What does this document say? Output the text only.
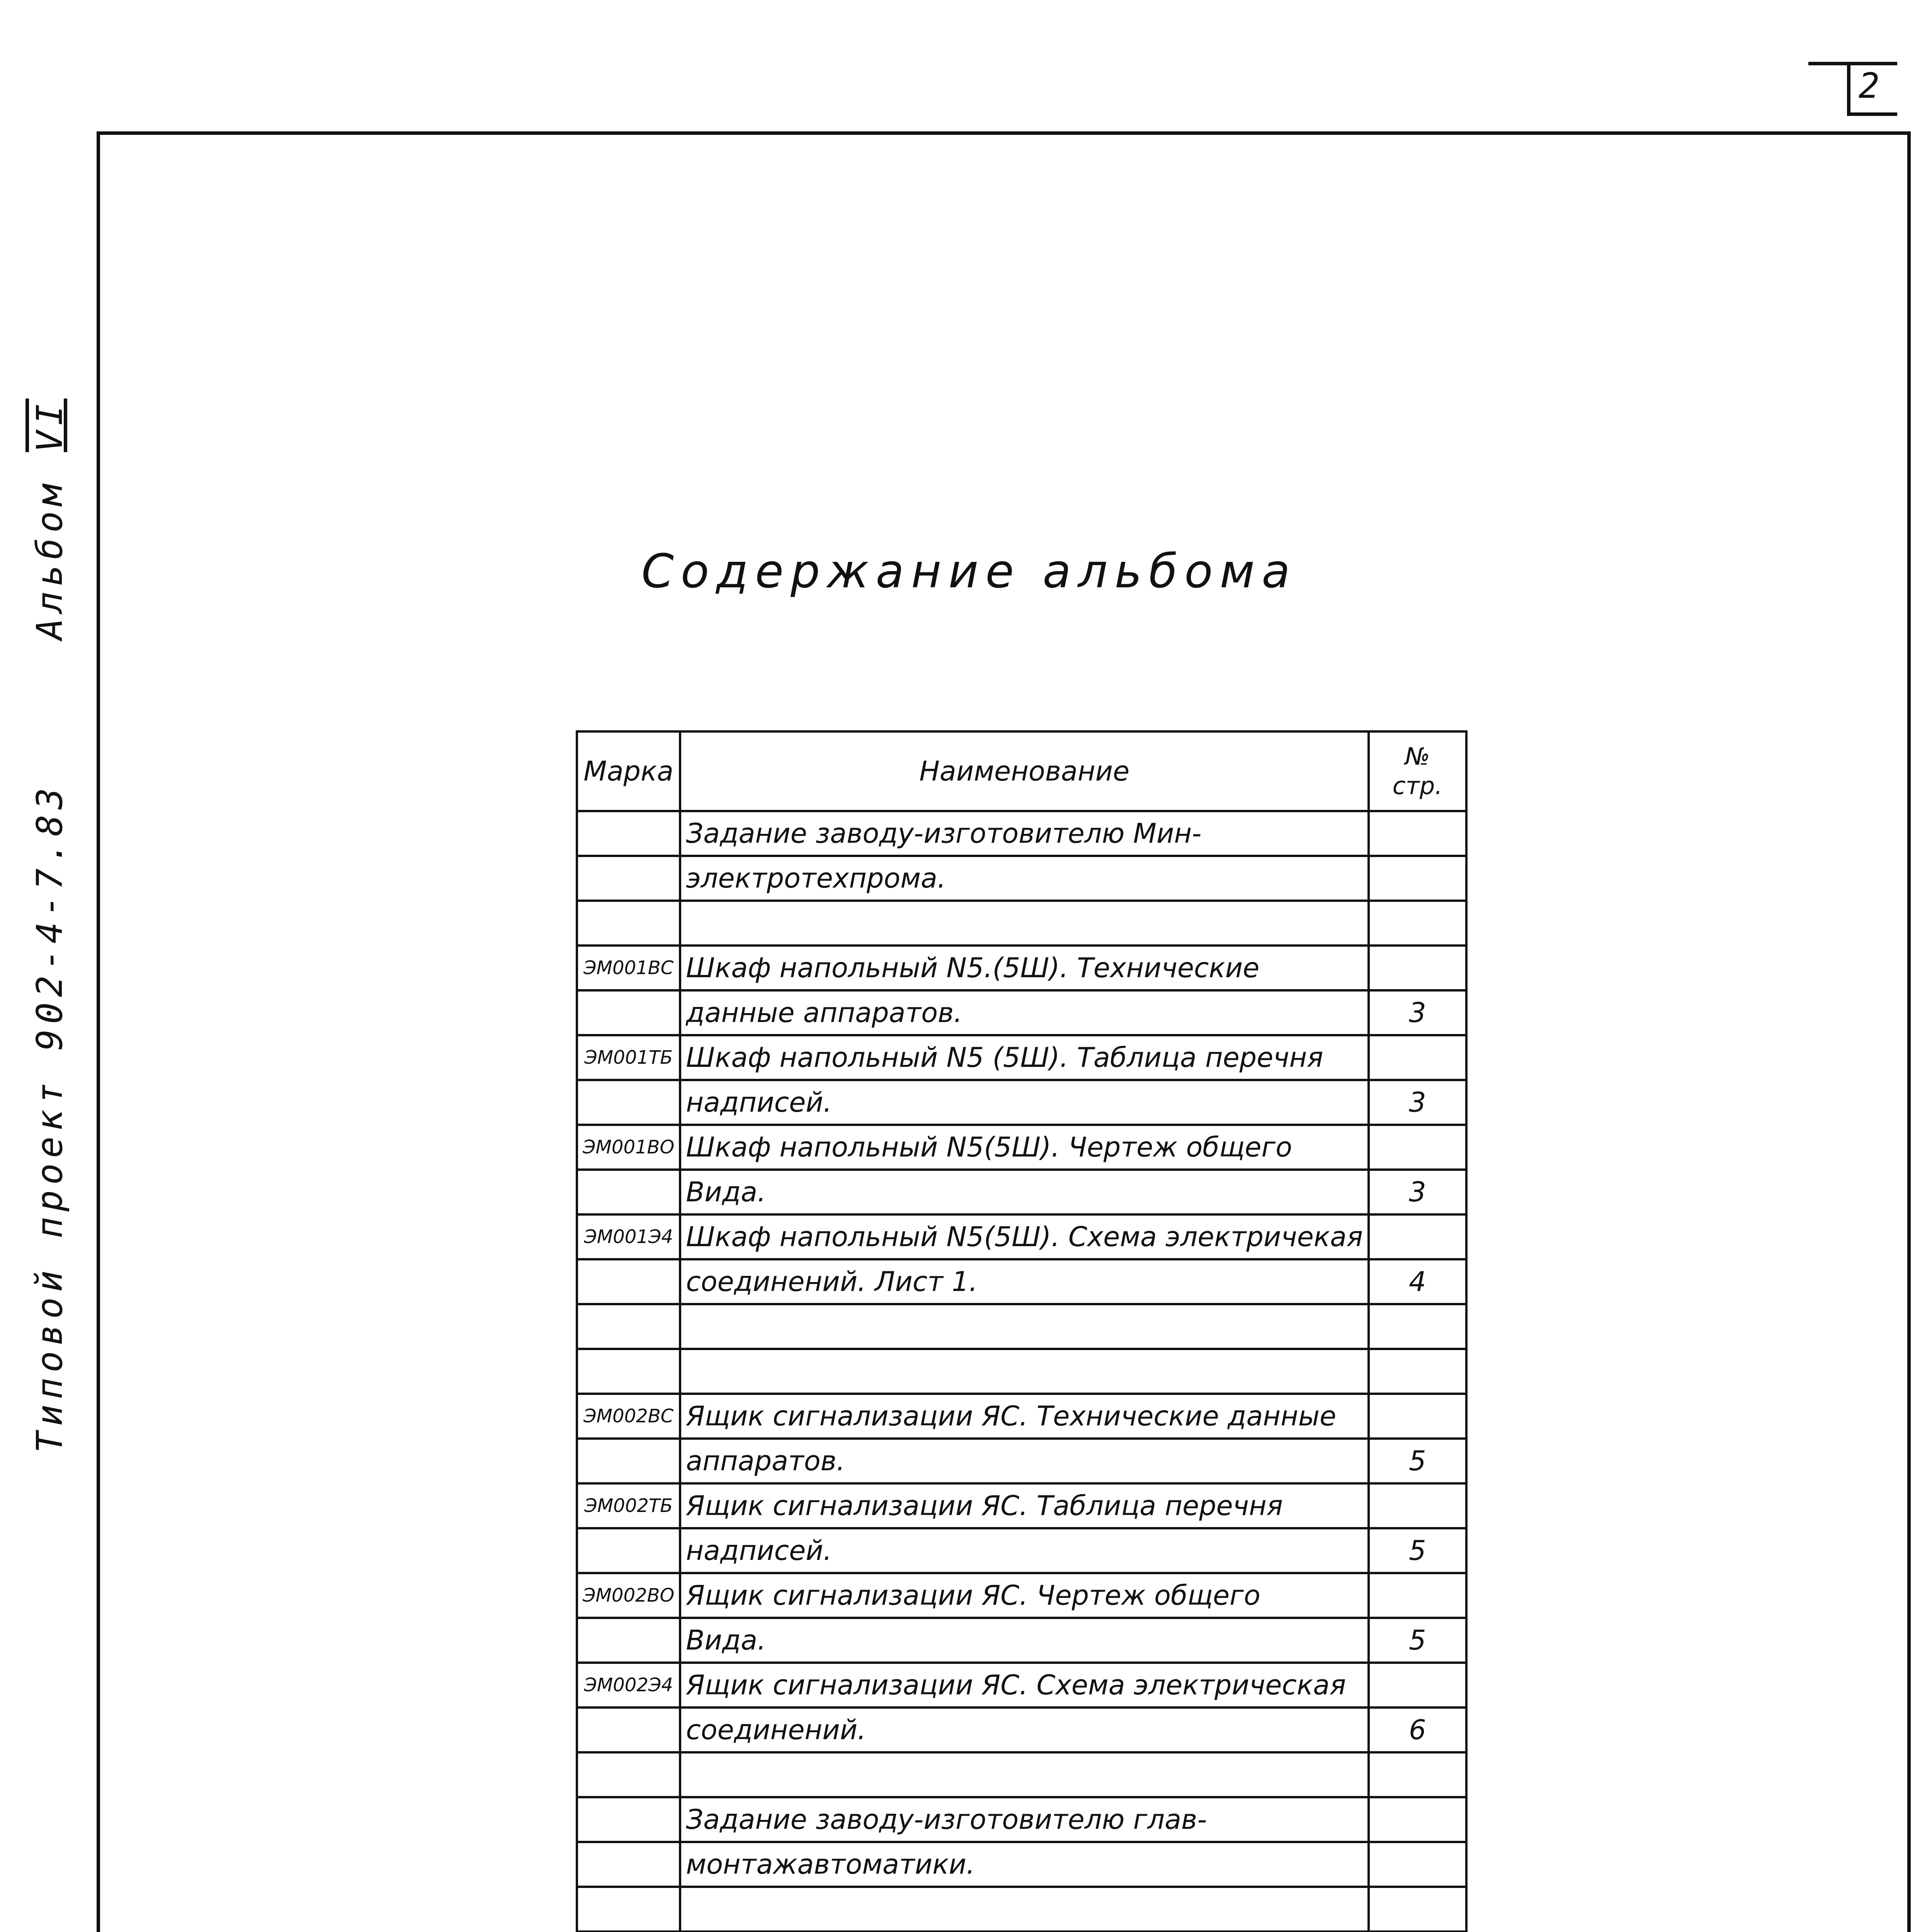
2
Типовой проект 902-4-7.83 Альбом VI
Содержание альбома
Марка	Наименование	№
стр.

	Задание заводу-изготовителю Мин-	
	электротехпрома.	

ЭМ001ВС	Шкаф напольный N5.(5Ш). Технические	
	данные аппаратов.	3
ЭМ001ТБ	Шкаф напольный N5 (5Ш). Таблица перечня	
	надписей.	3
ЭМ001ВО	Шкаф напольный N5(5Ш). Чертеж общего	
	Вида.	3
ЭМ001Э4	Шкаф напольный N5(5Ш). Схема электричекая	
	соединений. Лист 1.	4

ЭМ002ВС	Ящик сигнализации ЯС. Технические данные	
	аппаратов.	5
ЭМ002ТБ	Ящик сигнализации ЯС. Таблица перечня	
	надписей.	5
ЭМ002ВО	Ящик сигнализации ЯС. Чертеж общего	
	Вида.	5
ЭМ002Э4	Ящик сигнализации ЯС. Схема электрическая	
	соединений.	6

	Задание заводу-изготовителю глав-	
	монтажавтоматики.	
